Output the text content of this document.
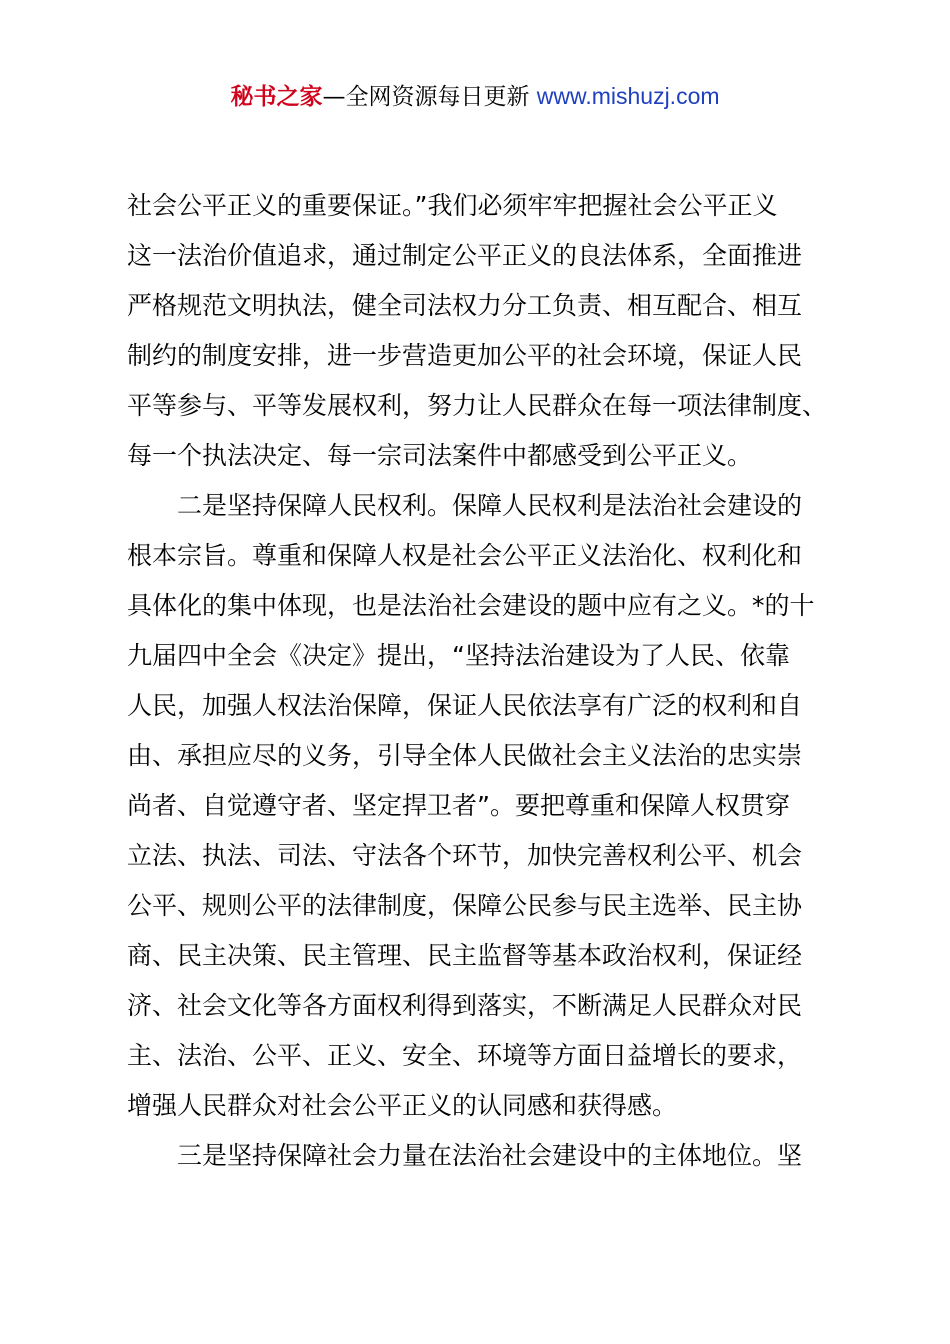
秘书之家—全网资源每日更新 www.mishuzj.com
社会公平正义的重要保证。”我们必须牢牢把握社会公平正义
这一法治价值追求，通过制定公平正义的良法体系，全面推进
严格规范文明执法，健全司法权力分工负责、相互配合、相互
制约的制度安排，进一步营造更加公平的社会环境，保证人民
平等参与、平等发展权利，努力让人民群众在每一项法律制度、
每一个执法决定、每一宗司法案件中都感受到公平正义。
二是坚持保障人民权利。保障人民权利是法治社会建设的
根本宗旨。尊重和保障人权是社会公平正义法治化、权利化和
具体化的集中体现，也是法治社会建设的题中应有之义。*的十
九届四中全会《决定》提出，“坚持法治建设为了人民、依靠
人民，加强人权法治保障，保证人民依法享有广泛的权利和自
由、承担应尽的义务，引导全体人民做社会主义法治的忠实崇
尚者、自觉遵守者、坚定捍卫者”。要把尊重和保障人权贯穿
立法、执法、司法、守法各个环节，加快完善权利公平、机会
公平、规则公平的法律制度，保障公民参与民主选举、民主协
商、民主决策、民主管理、民主监督等基本政治权利，保证经
济、社会文化等各方面权利得到落实，不断满足人民群众对民
主、法治、公平、正义、安全、环境等方面日益增长的要求，
增强人民群众对社会公平正义的认同感和获得感。
三是坚持保障社会力量在法治社会建设中的主体地位。坚
